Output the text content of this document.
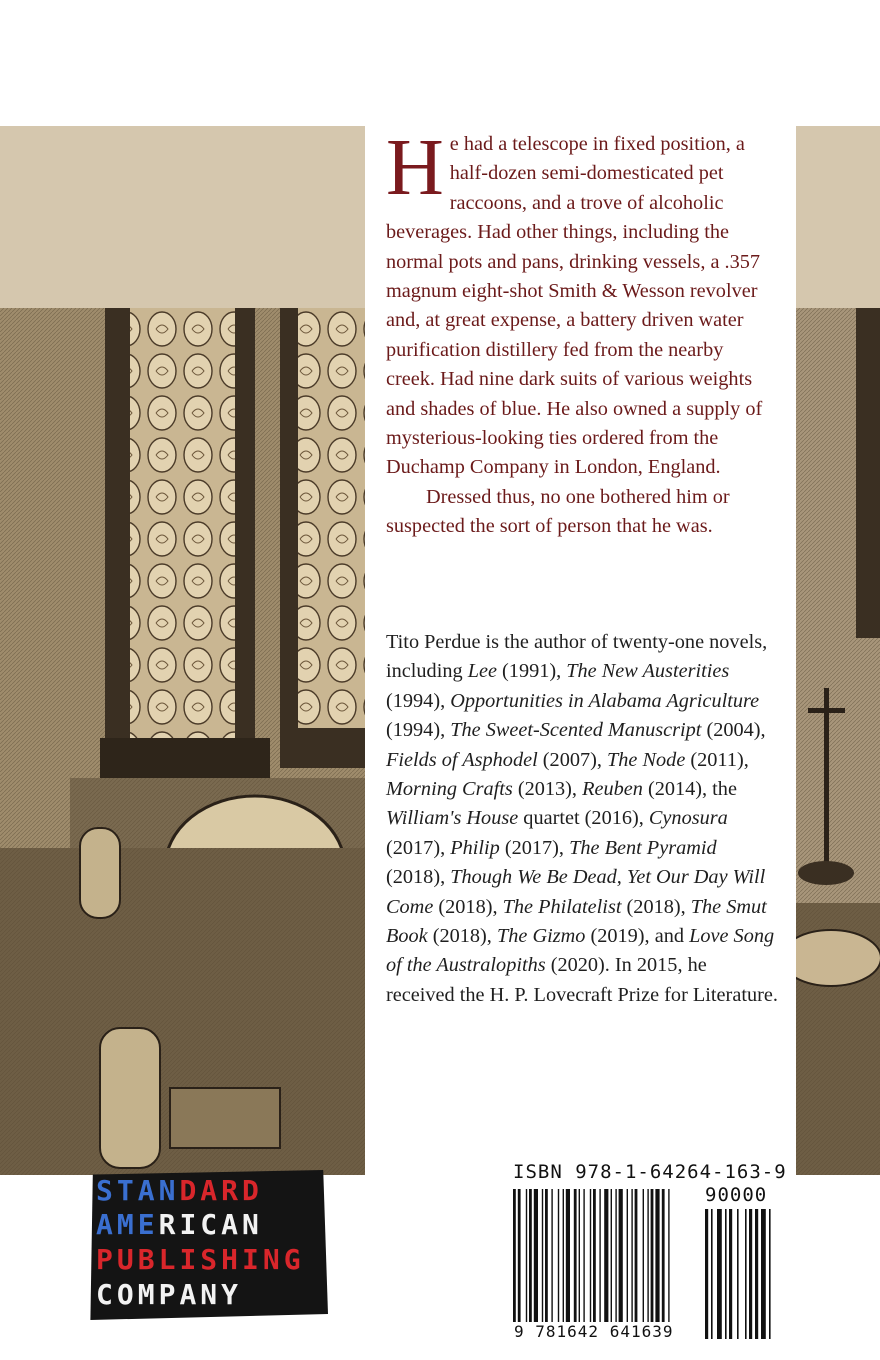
He had a telescope in fixed position, a half-dozen semi-domesticated pet raccoons, and a trove of alcoholic beverages. Had other things, including the normal pots and pans, drinking vessels, a .357 magnum eight-shot Smith & Wesson revolver and, at great expense, a battery driven water purification distillery fed from the nearby creek. Had nine dark suits of various weights and shades of blue. He also owned a supply of mysterious-looking ties ordered from the Duchamp Company in London, England.

Dressed thus, no one bothered him or suspected the sort of person that he was.

Tito Perdue is the author of twenty-one novels, including Lee (1991), The New Austerities (1994), Opportunities in Alabama Agriculture (1994), The Sweet-Scented Manuscript (2004), Fields of Asphodel (2007), The Node (2011), Morning Crafts (2013), Reuben (2014), the William's House quartet (2016), Cynosura (2017), Philip (2017), The Bent Pyramid (2018), Though We Be Dead, Yet Our Day Will Come (2018), The Philatelist (2018), The Smut Book (2018), The Gizmo (2019), and Love Song of the Australopiths (2020). In 2015, he received the H. P. Lovecraft Prize for Literature.
ISBN 978-1-64264-163-9
90000
9 781642 641639
STANDARD
AMERICAN
PUBLISHING
COMPANY
